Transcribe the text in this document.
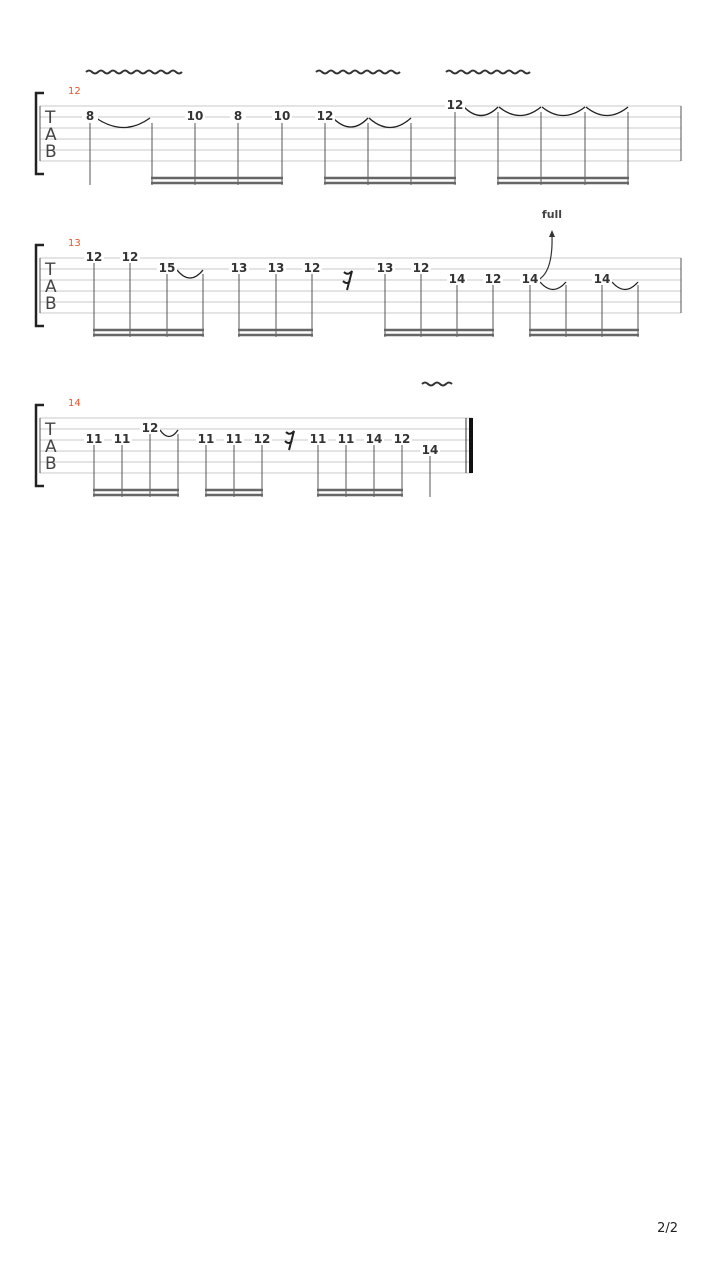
T
A
B
12
8	10	8	10 12
12
T
A
B
13
full
12 12
15	13 13 12	13 12
14 12 14	14
T
A
B
14
11 11
12
11 11 12	11 11 14 12
14
2/2
